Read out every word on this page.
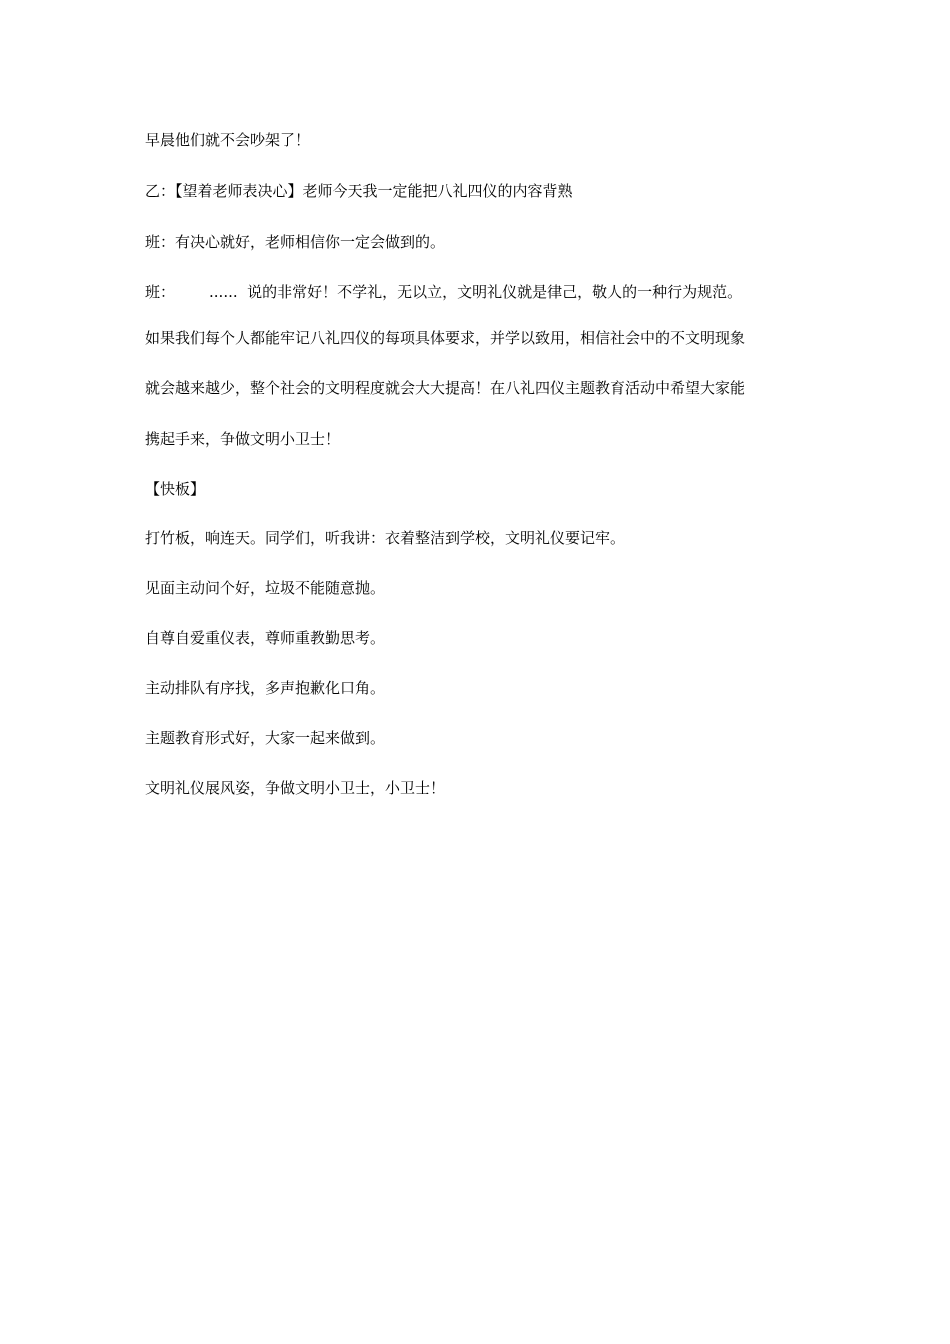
早晨他们就不会吵架了！

乙：【望着老师表决心】老师今天我一定能把八礼四仪的内容背熟

班：有决心就好，老师相信你一定会做到的。

班： ...... 说的非常好！不学礼，无以立，文明礼仪就是律己，敬人的一种行为规范。

如果我们每个人都能牢记八礼四仪的每项具体要求，并学以致用，相信社会中的不文明现象

就会越来越少，整个社会的文明程度就会大大提高！在八礼四仪主题教育活动中希望大家能

携起手来，争做文明小卫士！

【快板】

打竹板，响连天。同学们，听我讲：衣着整洁到学校，文明礼仪要记牢。

见面主动问个好，垃圾不能随意抛。

自尊自爱重仪表，尊师重教勤思考。

主动排队有序找，多声抱歉化口角。

主题教育形式好，大家一起来做到。

文明礼仪展风姿，争做文明小卫士，小卫士！
